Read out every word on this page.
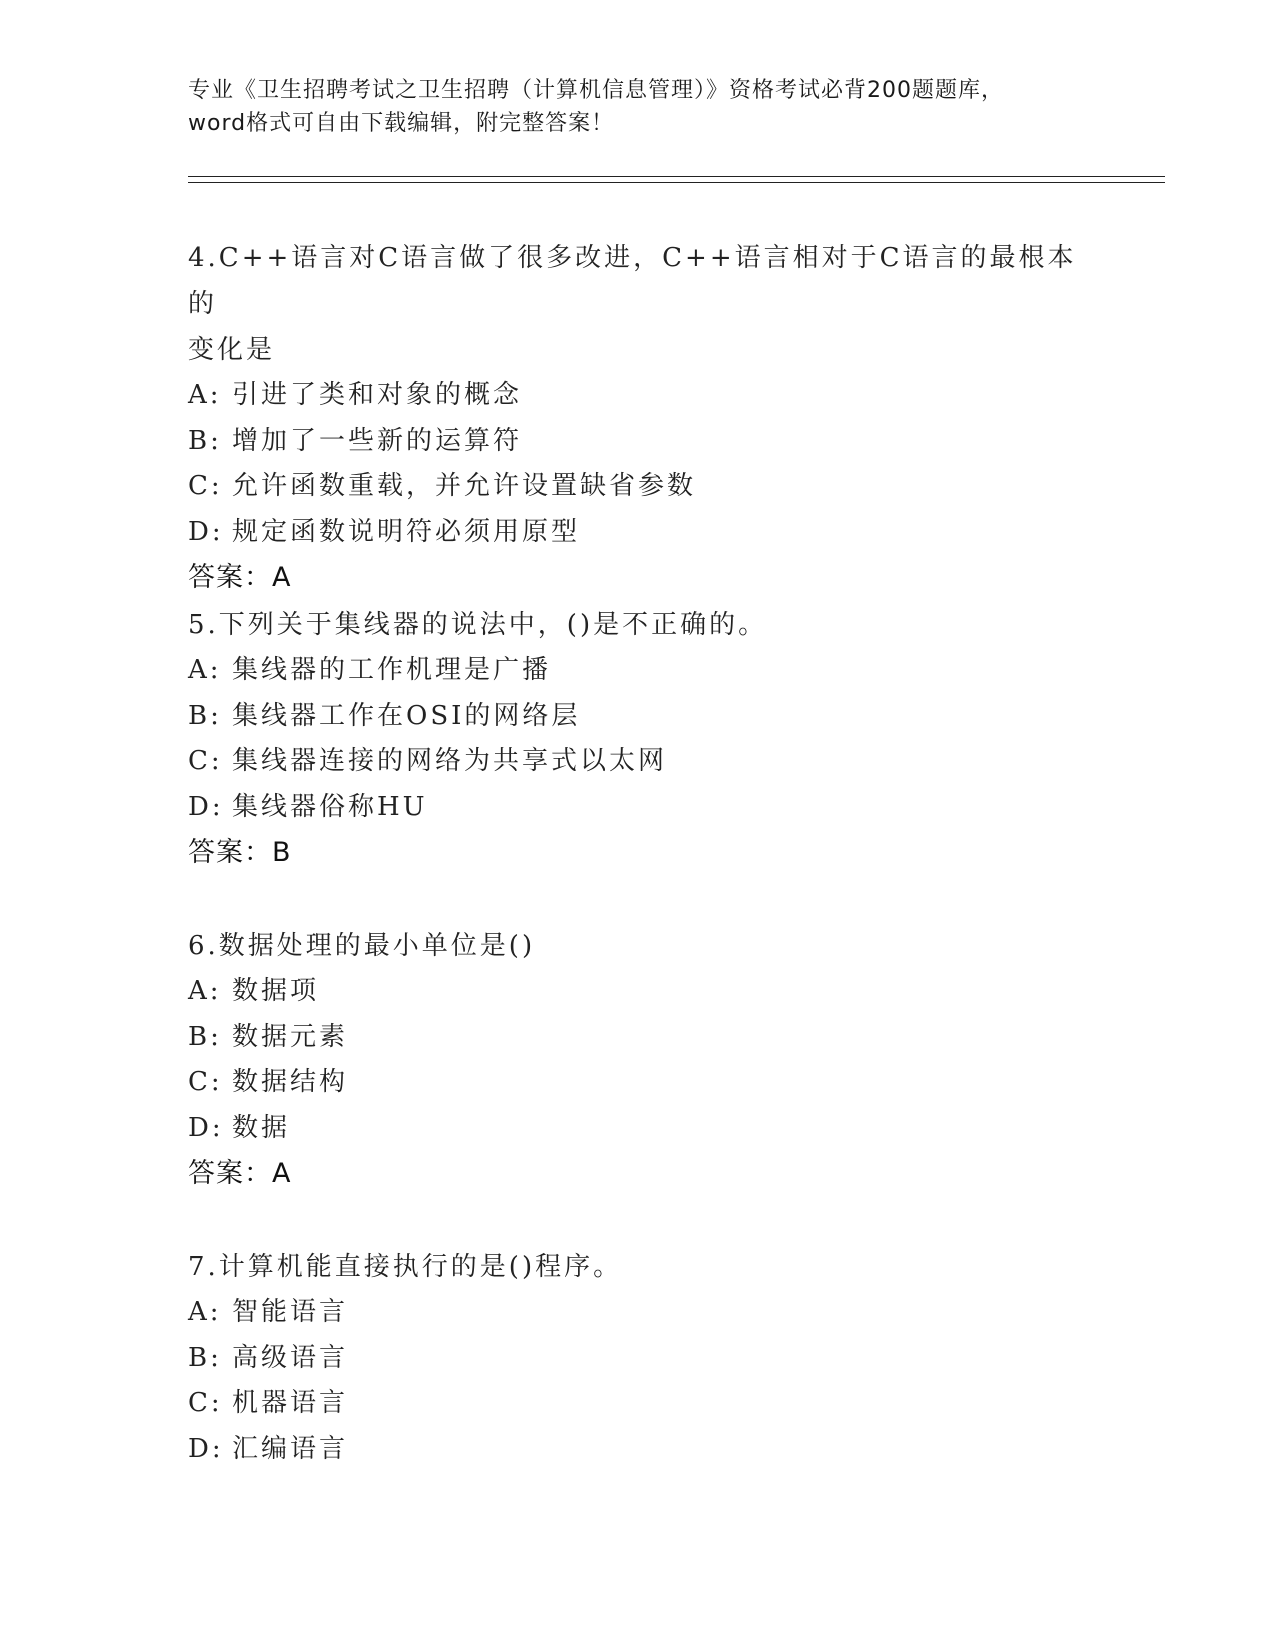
专业《卫生招聘考试之卫生招聘（计算机信息管理）》资格考试必背200题题库，
word格式可自由下载编辑，附完整答案！
4.C++语言对C语言做了很多改进，C++语言相对于C语言的最根本的
变化是
A: 引进了类和对象的概念
B: 增加了一些新的运算符
C: 允许函数重载，并允许设置缺省参数
D: 规定函数说明符必须用原型
答案：A
5.下列关于集线器的说法中，()是不正确的。
A: 集线器的工作机理是广播
B: 集线器工作在OSI的网络层
C: 集线器连接的网络为共享式以太网
D: 集线器俗称HU
答案：B
6.数据处理的最小单位是()
A: 数据项
B: 数据元素
C: 数据结构
D: 数据
答案：A
7.计算机能直接执行的是()程序。
A: 智能语言
B: 高级语言
C: 机器语言
D: 汇编语言
